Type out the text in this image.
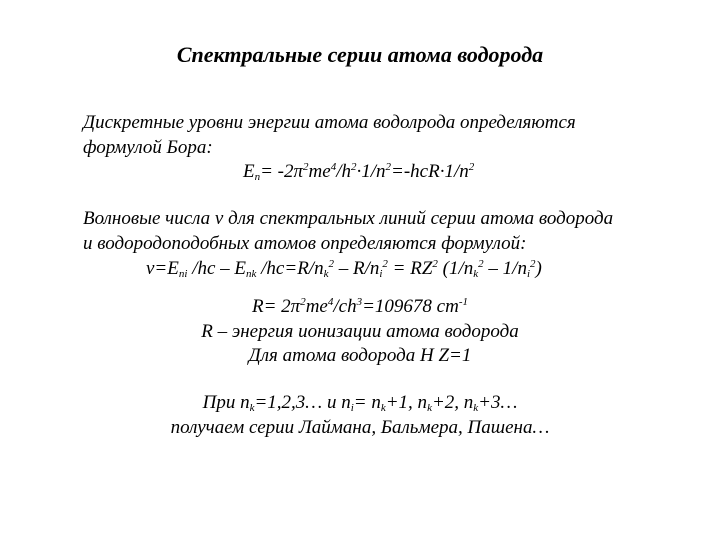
Спектральные серии атома водорода
Дискретные уровни энергии атома водолрода определяются
формулой Бора:
$E_n= -2\pi^2me^4/h^2\cdot 1/n^2=-hcR\cdot 1/n^2$
Волновые числа ν для спектральных линий серии атома водорода
и водородоподобных атомов определяются формулой:
$\nu=E_{ni}$ $/hc - E_{nk}$ $/hc=R/n_k^2 - R/n_i^2 = RZ^2$ $(1/n_k^2 - 1/n_i^2)$
$R= 2\pi^2me^4/ch^3=109678$ $cm^{-1}$
R – энергия ионизации атома водорода
Для атома водорода H Z=1
При $n_k=1,2,3\dots$ и $n_i= n_k+1$, $n_k+2$, $n_k+3\dots$
получаем серии Лаймана, Бальмера, Пашена…
